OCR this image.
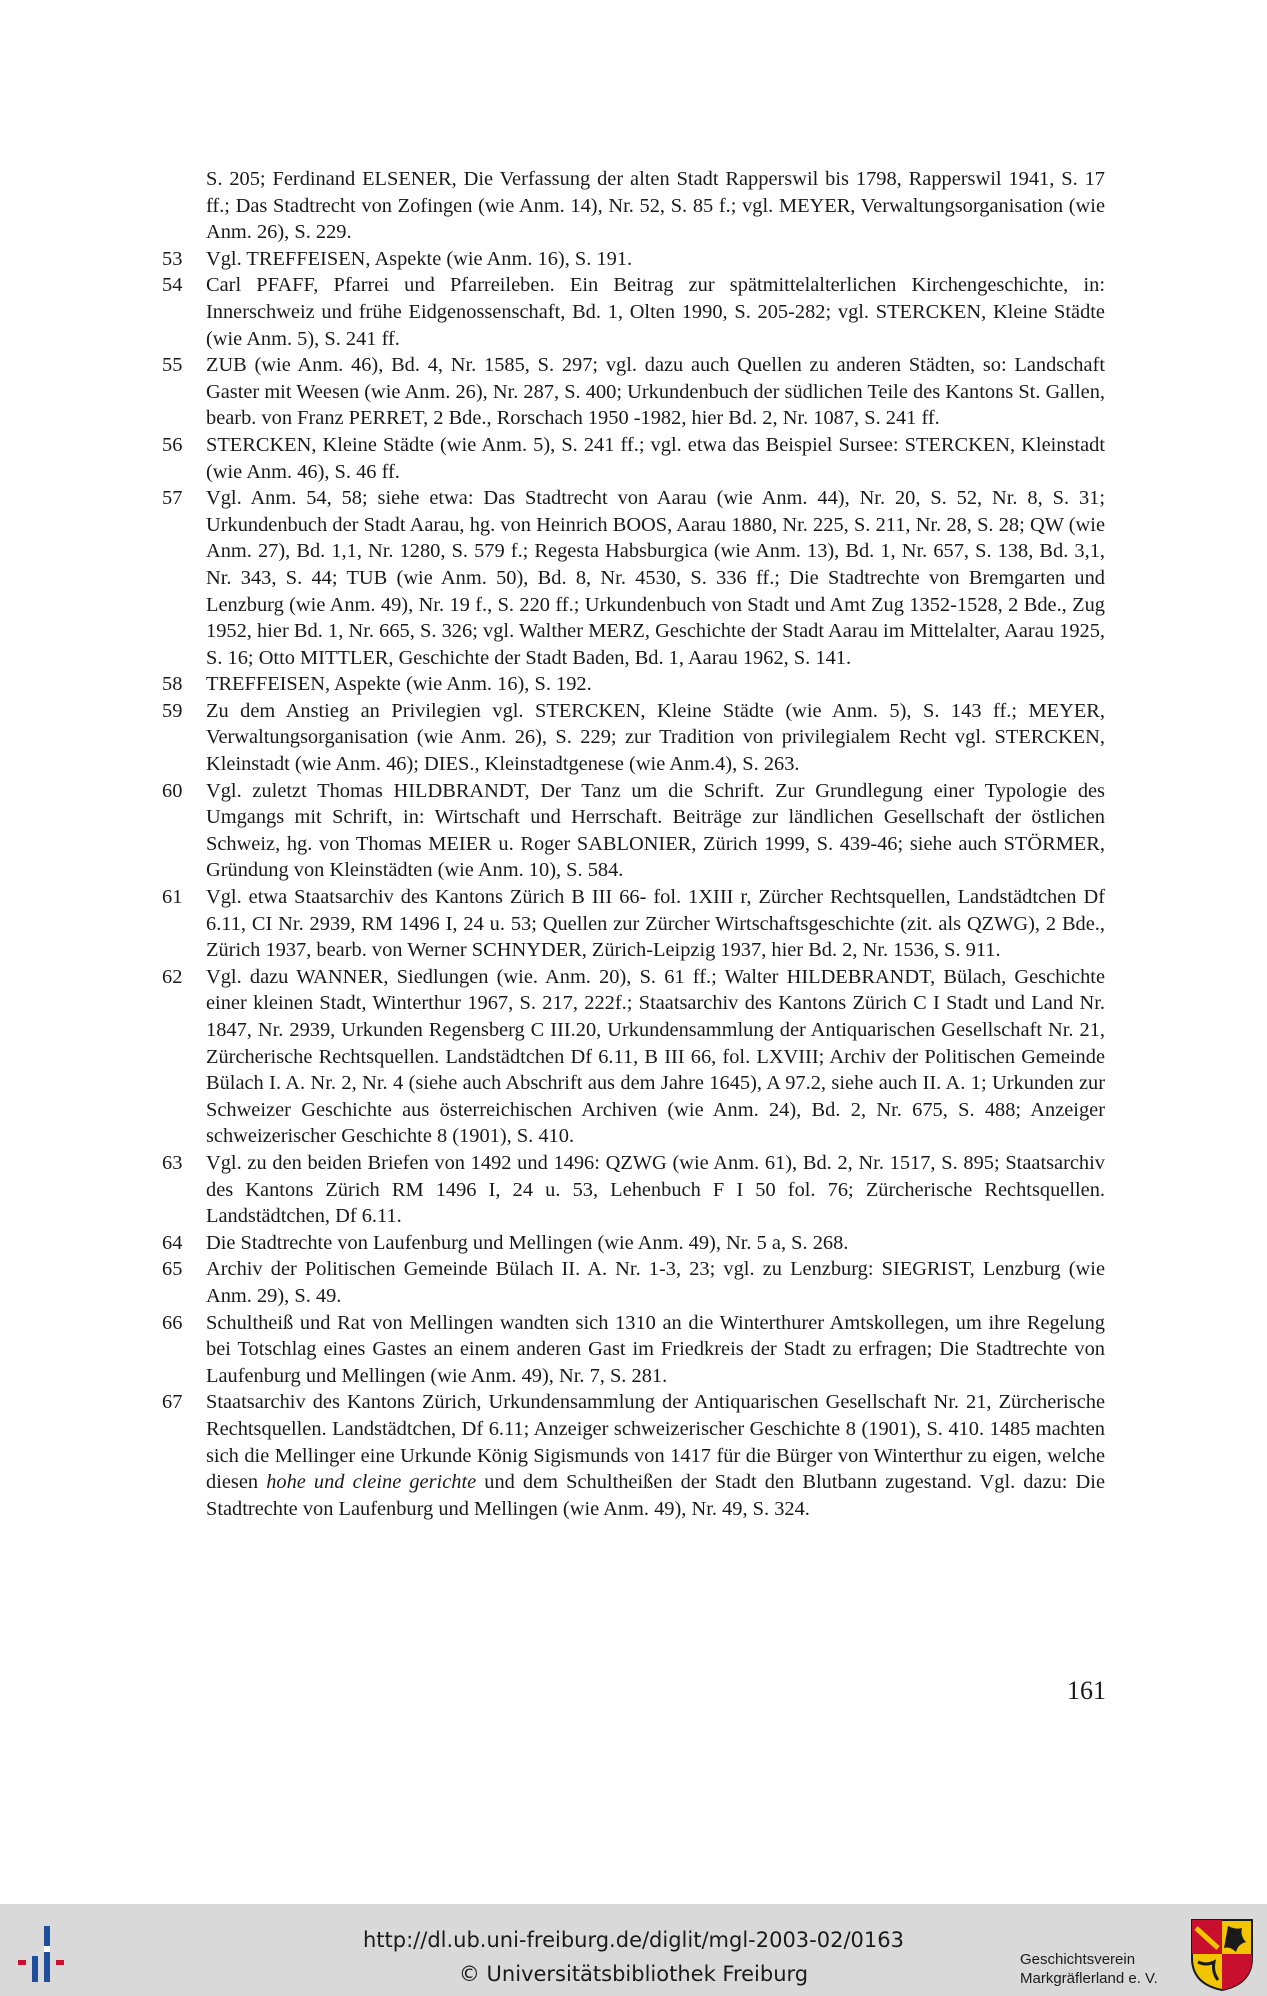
S. 205; Ferdinand ELSENER, Die Verfassung der alten Stadt Rapperswil bis 1798, Rapperswil 1941, S. 17 ff.; Das Stadtrecht von Zofingen (wie Anm. 14), Nr. 52, S. 85 f.; vgl. MEYER, Verwaltungsorganisation (wie Anm. 26), S. 229.
53	Vgl. TREFFEISEN, Aspekte (wie Anm. 16), S. 191.
54	Carl PFAFF, Pfarrei und Pfarreileben. Ein Beitrag zur spätmittelalterlichen Kirchengeschichte, in: Innerschweiz und frühe Eidgenossenschaft, Bd. 1, Olten 1990, S. 205-282; vgl. STERCKEN, Kleine Städte (wie Anm. 5), S. 241 ff.
55	ZUB (wie Anm. 46), Bd. 4, Nr. 1585, S. 297; vgl. dazu auch Quellen zu anderen Städten, so: Landschaft Gaster mit Weesen (wie Anm. 26), Nr. 287, S. 400; Urkundenbuch der südlichen Teile des Kantons St. Gallen, bearb. von Franz PERRET, 2 Bde., Rorschach 1950 -1982, hier Bd. 2, Nr. 1087, S. 241 ff.
56	STERCKEN, Kleine Städte (wie Anm. 5), S. 241 ff.; vgl. etwa das Beispiel Sursee: STERCKEN, Kleinstadt (wie Anm. 46), S. 46 ff.
57	Vgl. Anm. 54, 58; siehe etwa: Das Stadtrecht von Aarau (wie Anm. 44), Nr. 20, S. 52, Nr. 8, S. 31; Urkundenbuch der Stadt Aarau, hg. von Heinrich BOOS, Aarau 1880, Nr. 225, S. 211, Nr. 28, S. 28; QW (wie Anm. 27), Bd. 1,1, Nr. 1280, S. 579 f.; Regesta Habsburgica (wie Anm. 13), Bd. 1, Nr. 657, S. 138, Bd. 3,1, Nr. 343, S. 44; TUB (wie Anm. 50), Bd. 8, Nr. 4530, S. 336 ff.; Die Stadtrechte von Bremgarten und Lenzburg (wie Anm. 49), Nr. 19 f., S. 220 ff.; Urkundenbuch von Stadt und Amt Zug 1352-1528, 2 Bde., Zug 1952, hier Bd. 1, Nr. 665, S. 326; vgl. Walther MERZ, Geschichte der Stadt Aarau im Mittelalter, Aarau 1925, S. 16; Otto MITTLER, Geschichte der Stadt Baden, Bd. 1, Aarau 1962, S. 141.
58	TREFFEISEN, Aspekte (wie Anm. 16), S. 192.
59	Zu dem Anstieg an Privilegien vgl. STERCKEN, Kleine Städte (wie Anm. 5), S. 143 ff.; MEYER, Verwaltungsorganisation (wie Anm. 26), S. 229; zur Tradition von privilegialem Recht vgl. STERCKEN, Kleinstadt (wie Anm. 46); DIES., Kleinstadtgenese (wie Anm.4), S. 263.
60	Vgl. zuletzt Thomas HILDBRANDT, Der Tanz um die Schrift. Zur Grundlegung einer Typologie des Umgangs mit Schrift, in: Wirtschaft und Herrschaft. Beiträge zur ländlichen Gesellschaft der östlichen Schweiz, hg. von Thomas MEIER u. Roger SABLONIER, Zürich 1999, S. 439-46; siehe auch STÖRMER, Gründung von Kleinstädten (wie Anm. 10), S. 584.
61	Vgl. etwa Staatsarchiv des Kantons Zürich B III 66- fol. 1XIII r, Zürcher Rechtsquellen, Landstädtchen Df 6.11, CI Nr. 2939, RM 1496 I, 24 u. 53; Quellen zur Zürcher Wirtschaftsgeschichte (zit. als QZWG), 2 Bde., Zürich 1937, bearb. von Werner SCHNYDER, Zürich-Leipzig 1937, hier Bd. 2, Nr. 1536, S. 911.
62	Vgl. dazu WANNER, Siedlungen (wie. Anm. 20), S. 61 ff.; Walter HILDEBRANDT, Bülach, Geschichte einer kleinen Stadt, Winterthur 1967, S. 217, 222f.; Staatsarchiv des Kantons Zürich C I Stadt und Land Nr. 1847, Nr. 2939, Urkunden Regensberg C III.20, Urkundensammlung der Antiquarischen Gesellschaft Nr. 21, Zürcherische Rechtsquellen. Landstädtchen Df 6.11, B III 66, fol. LXVIII; Archiv der Politischen Gemeinde Bülach I. A. Nr. 2, Nr. 4 (siehe auch Abschrift aus dem Jahre 1645), A 97.2, siehe auch II. A. 1; Urkunden zur Schweizer Geschichte aus österreichischen Archiven (wie Anm. 24), Bd. 2, Nr. 675, S. 488; Anzeiger schweizerischer Geschichte 8 (1901), S. 410.
63	Vgl. zu den beiden Briefen von 1492 und 1496: QZWG (wie Anm. 61), Bd. 2, Nr. 1517, S. 895; Staatsarchiv des Kantons Zürich RM 1496 I, 24 u. 53, Lehenbuch F I 50 fol. 76; Zürcherische Rechtsquellen. Landstädtchen, Df 6.11.
64	Die Stadtrechte von Laufenburg und Mellingen (wie Anm. 49), Nr. 5 a, S. 268.
65	Archiv der Politischen Gemeinde Bülach II. A. Nr. 1-3, 23; vgl. zu Lenzburg: SIEGRIST, Lenzburg (wie Anm. 29), S. 49.
66	Schultheiß und Rat von Mellingen wandten sich 1310 an die Winterthurer Amtskollegen, um ihre Regelung bei Totschlag eines Gastes an einem anderen Gast im Friedkreis der Stadt zu erfragen; Die Stadtrechte von Laufenburg und Mellingen (wie Anm. 49), Nr. 7, S. 281.
67	Staatsarchiv des Kantons Zürich, Urkundensammlung der Antiquarischen Gesellschaft Nr. 21, Zürcherische Rechtsquellen. Landstädtchen, Df 6.11; Anzeiger schweizerischer Geschichte 8 (1901), S. 410. 1485 machten sich die Mellinger eine Urkunde König Sigismunds von 1417 für die Bürger von Winterthur zu eigen, welche diesen hohe und cleine gerichte und dem Schultheißen der Stadt den Blutbann zugestand. Vgl. dazu: Die Stadtrechte von Laufenburg und Mellingen (wie Anm. 49), Nr. 49, S. 324.
161
http://dl.ub.uni-freiburg.de/diglit/mgl-2003-02/0163
© Universitätsbibliothek Freiburg
Geschichtsverein
Markgräflerland e. V.
